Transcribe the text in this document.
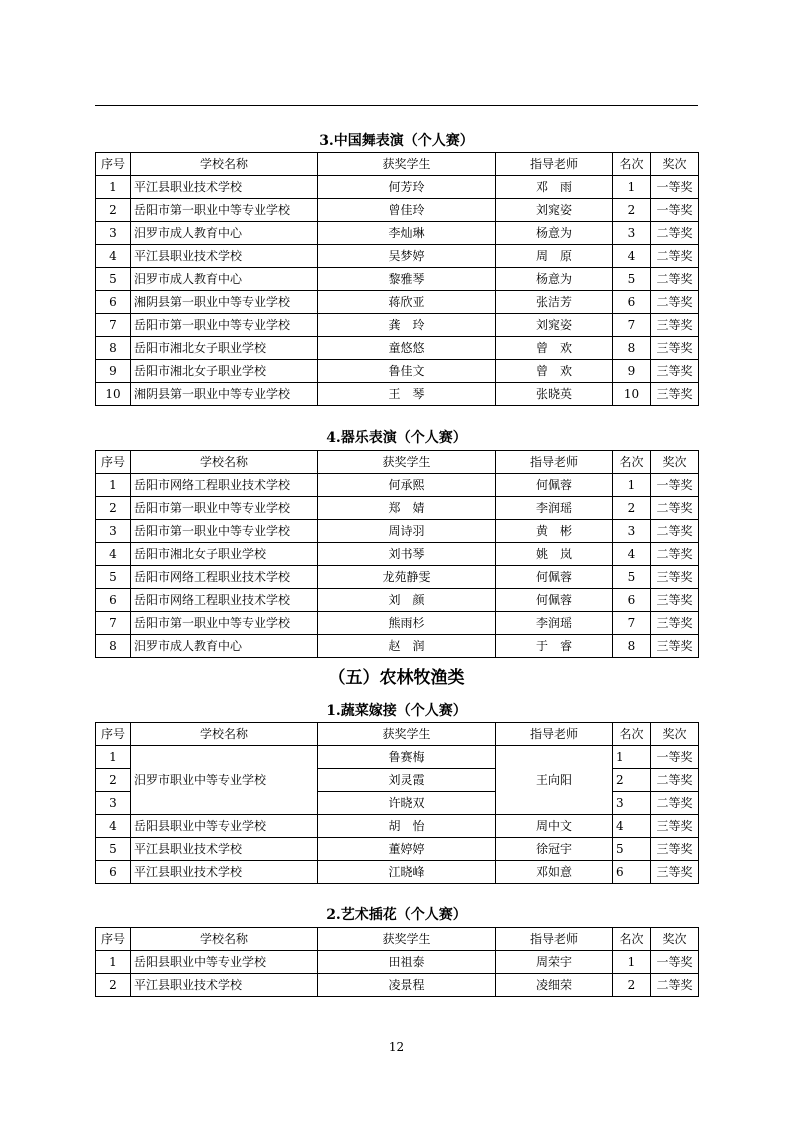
3.中国舞表演（个人赛）
序号	学校名称	获奖学生	指导老师	名次	奖次
1	平江县职业技术学校	何芳玲	邓　雨	1	一等奖
2	岳阳市第一职业中等专业学校	曾佳玲	刘窕姿	2	一等奖
3	汨罗市成人教育中心	李灿琳	杨意为	3	二等奖
4	平江县职业技术学校	吴梦婷	周　原	4	二等奖
5	汨罗市成人教育中心	黎雅琴	杨意为	5	二等奖
6	湘阴县第一职业中等专业学校	蒋欣亚	张洁芳	6	二等奖
7	岳阳市第一职业中等专业学校	龚　玲	刘窕姿	7	三等奖
8	岳阳市湘北女子职业学校	童悠悠	曾　欢	8	三等奖
9	岳阳市湘北女子职业学校	鲁佳文	曾　欢	9	三等奖
10	湘阴县第一职业中等专业学校	王　琴	张晓英	10	三等奖
4.器乐表演（个人赛）
序号	学校名称	获奖学生	指导老师	名次	奖次
1	岳阳市网络工程职业技术学校	何承熙	何佩蓉	1	一等奖
2	岳阳市第一职业中等专业学校	郑　婧	李润瑶	2	二等奖
3	岳阳市第一职业中等专业学校	周诗羽	黄　彬	3	二等奖
4	岳阳市湘北女子职业学校	刘书琴	姚　岚	4	二等奖
5	岳阳市网络工程职业技术学校	龙苑静雯	何佩蓉	5	三等奖
6	岳阳市网络工程职业技术学校	刘　颜	何佩蓉	6	三等奖
7	岳阳市第一职业中等专业学校	熊雨杉	李润瑶	7	三等奖
8	汨罗市成人教育中心	赵　润	于　睿	8	三等奖
（五）农林牧渔类
1.蔬菜嫁接（个人赛）
序号	学校名称	获奖学生	指导老师	名次	奖次
1	汨罗市职业中等专业学校	鲁赛梅	王向阳	1	一等奖
2		刘灵霞		2	二等奖
3		许晓双		3	二等奖
4	岳阳县职业中等专业学校	胡　怡	周中文	4	三等奖
5	平江县职业技术学校	董婷婷	徐冠宇	5	三等奖
6	平江县职业技术学校	江晓峰	邓如意	6	三等奖
2.艺术插花（个人赛）
序号	学校名称	获奖学生	指导老师	名次	奖次
1	岳阳县职业中等专业学校	田祖泰	周荣宇	1	一等奖
2	平江县职业技术学校	凌景程	凌细荣	2	二等奖
12
